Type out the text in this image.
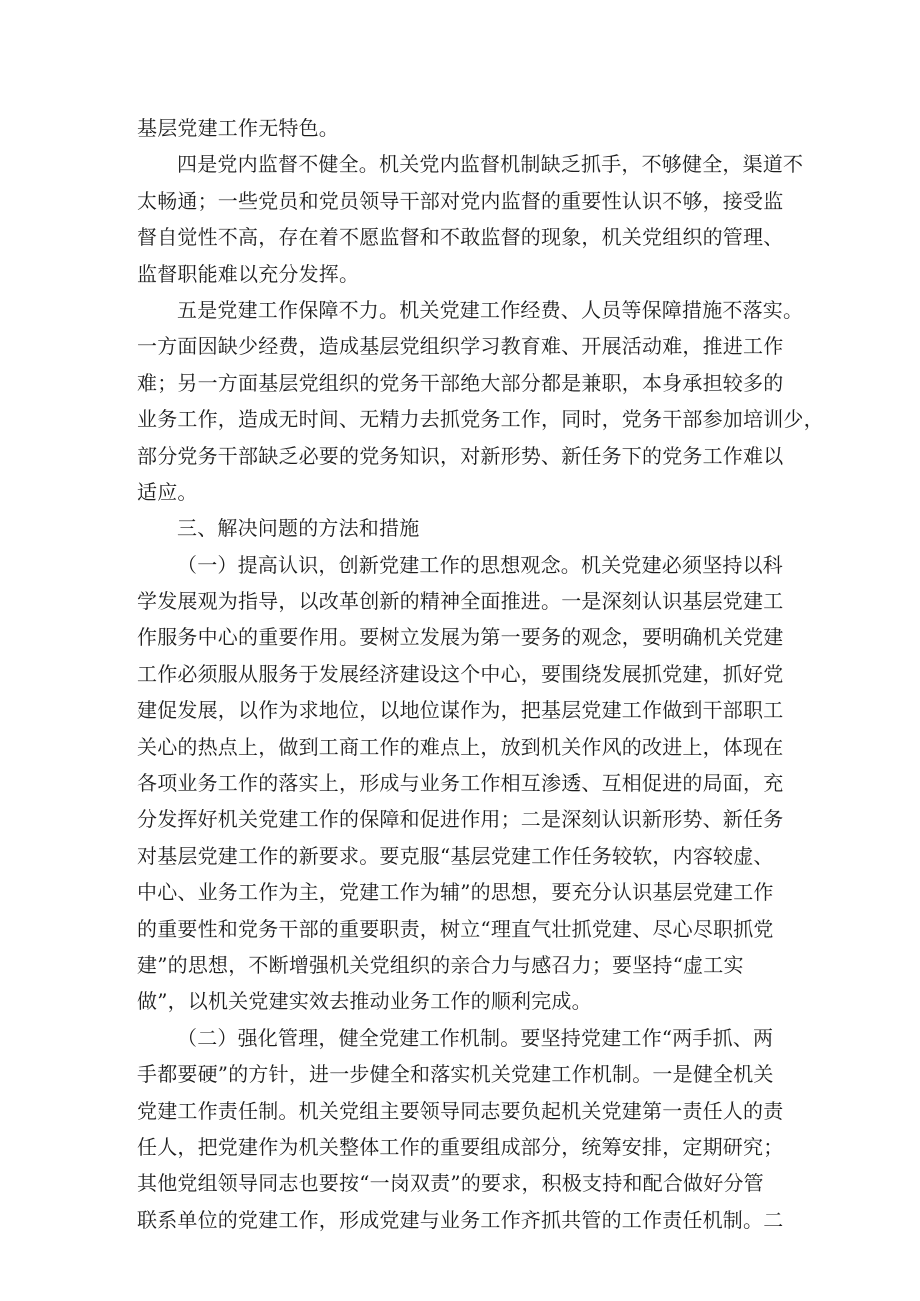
基层党建工作无特色。
四是党内监督不健全。机关党内监督机制缺乏抓手，不够健全，渠道不
太畅通；一些党员和党员领导干部对党内监督的重要性认识不够，接受监
督自觉性不高，存在着不愿监督和不敢监督的现象，机关党组织的管理、
监督职能难以充分发挥。
五是党建工作保障不力。机关党建工作经费、人员等保障措施不落实。
一方面因缺少经费，造成基层党组织学习教育难、开展活动难，推进工作
难；另一方面基层党组织的党务干部绝大部分都是兼职，本身承担较多的
业务工作，造成无时间、无精力去抓党务工作，同时，党务干部参加培训少，
部分党务干部缺乏必要的党务知识，对新形势、新任务下的党务工作难以
适应。
三、解决问题的方法和措施
（一）提高认识，创新党建工作的思想观念。机关党建必须坚持以科
学发展观为指导，以改革创新的精神全面推进。一是深刻认识基层党建工
作服务中心的重要作用。要树立发展为第一要务的观念，要明确机关党建
工作必须服从服务于发展经济建设这个中心，要围绕发展抓党建，抓好党
建促发展，以作为求地位，以地位谋作为，把基层党建工作做到干部职工
关心的热点上，做到工商工作的难点上，放到机关作风的改进上，体现在
各项业务工作的落实上，形成与业务工作相互渗透、互相促进的局面，充
分发挥好机关党建工作的保障和促进作用；二是深刻认识新形势、新任务
对基层党建工作的新要求。要克服“基层党建工作任务较软，内容较虚、
中心、业务工作为主，党建工作为辅”的思想，要充分认识基层党建工作
的重要性和党务干部的重要职责，树立“理直气壮抓党建、尽心尽职抓党
建”的思想，不断增强机关党组织的亲合力与感召力；要坚持“虚工实
做”，以机关党建实效去推动业务工作的顺利完成。
（二）强化管理，健全党建工作机制。要坚持党建工作“两手抓、两
手都要硬”的方针，进一步健全和落实机关党建工作机制。一是健全机关
党建工作责任制。机关党组主要领导同志要负起机关党建第一责任人的责
任人，把党建作为机关整体工作的重要组成部分，统筹安排，定期研究；
其他党组领导同志也要按“一岗双责”的要求，积极支持和配合做好分管
联系单位的党建工作，形成党建与业务工作齐抓共管的工作责任机制。二
